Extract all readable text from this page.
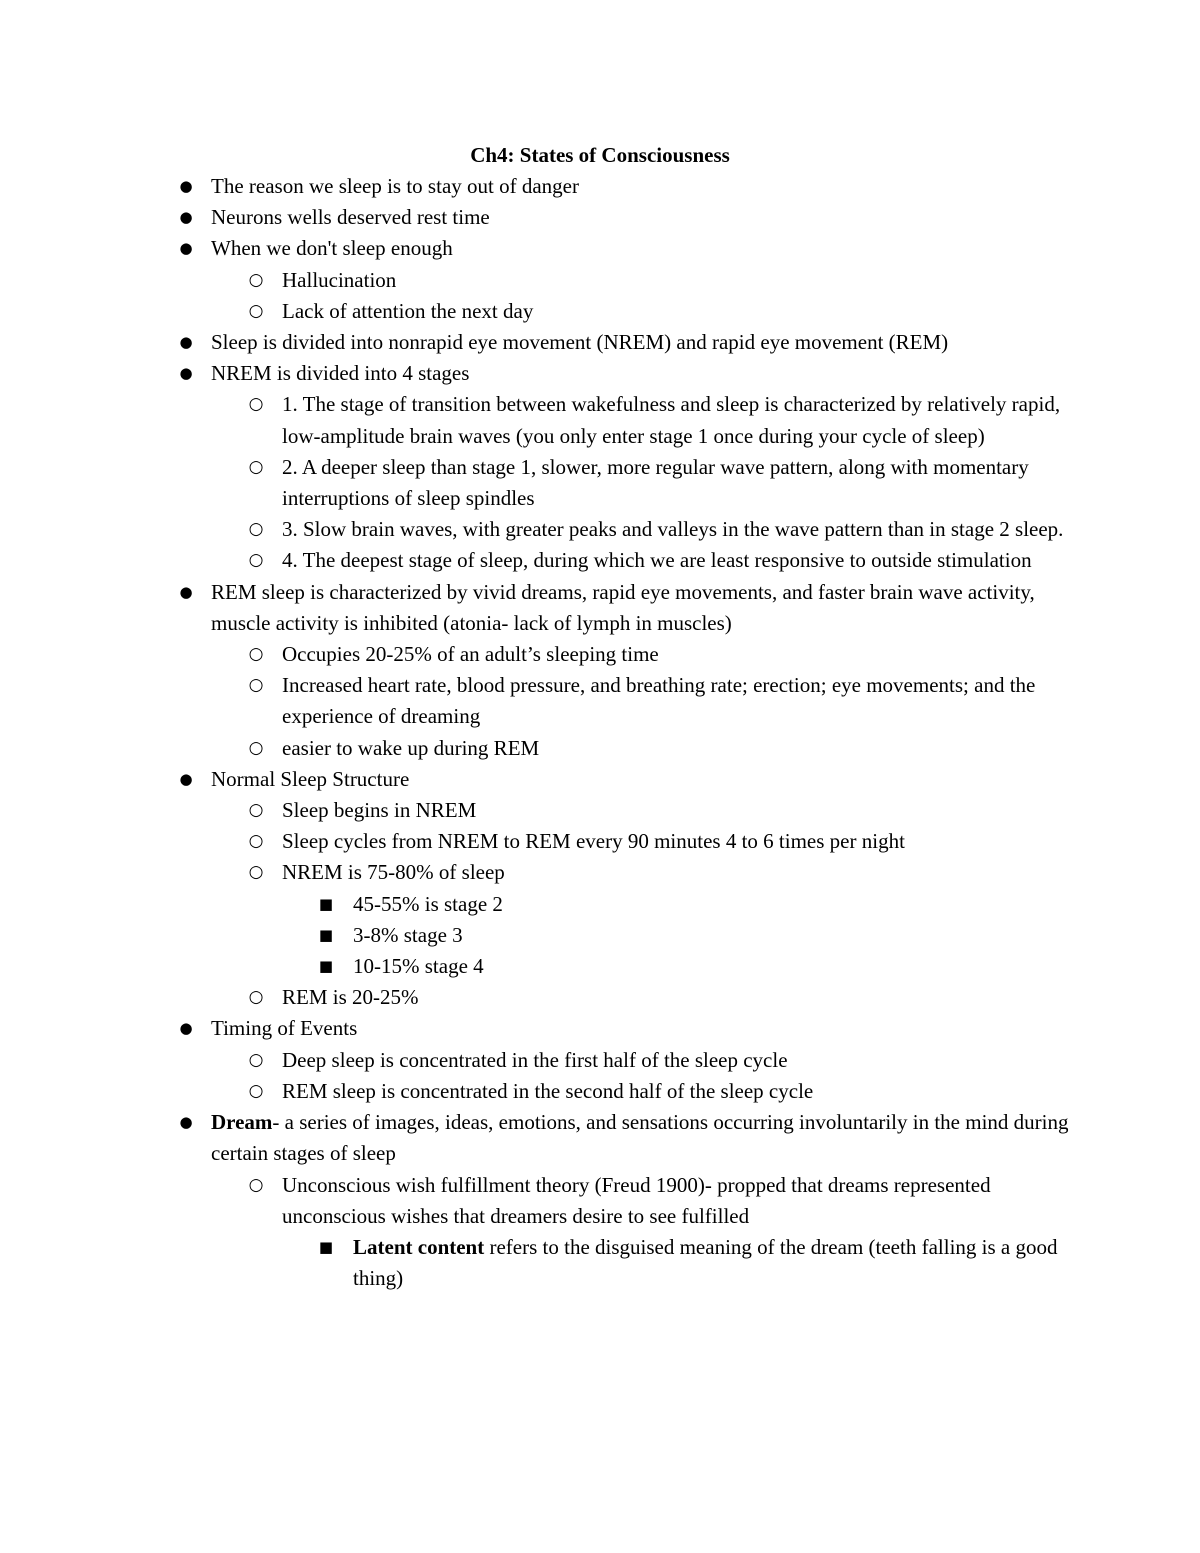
Ch4: States of Consciousness
● The reason we sleep is to stay out of danger
● Neurons wells deserved rest time
● When we don't sleep enough
○ Hallucination
○ Lack of attention the next day
● Sleep is divided into nonrapid eye movement (NREM) and rapid eye movement (REM)
● NREM is divided into 4 stages
○ 1. The stage of transition between wakefulness and sleep is characterized by relatively rapid, low-amplitude brain waves (you only enter stage 1 once during your cycle of sleep)
○ 2. A deeper sleep than stage 1, slower, more regular wave pattern, along with momentary interruptions of sleep spindles
○ 3. Slow brain waves, with greater peaks and valleys in the wave pattern than in stage 2 sleep.
○ 4. The deepest stage of sleep, during which we are least responsive to outside stimulation
● REM sleep is characterized by vivid dreams, rapid eye movements, and faster brain wave activity, muscle activity is inhibited (atonia- lack of lymph in muscles)
○ Occupies 20-25% of an adult’s sleeping time
○ Increased heart rate, blood pressure, and breathing rate; erection; eye movements; and the experience of dreaming
○ easier to wake up during REM
● Normal Sleep Structure
○ Sleep begins in NREM
○ Sleep cycles from NREM to REM every 90 minutes 4 to 6 times per night
○ NREM is 75-80% of sleep
■ 45-55% is stage 2
■ 3-8% stage 3
■ 10-15% stage 4
○ REM is 20-25%
● Timing of Events
○ Deep sleep is concentrated in the first half of the sleep cycle
○ REM sleep is concentrated in the second half of the sleep cycle
● Dream- a series of images, ideas, emotions, and sensations occurring involuntarily in the mind during certain stages of sleep
○ Unconscious wish fulfillment theory (Freud 1900)- propped that dreams represented unconscious wishes that dreamers desire to see fulfilled
■ Latent content refers to the disguised meaning of the dream (teeth falling is a good thing)
